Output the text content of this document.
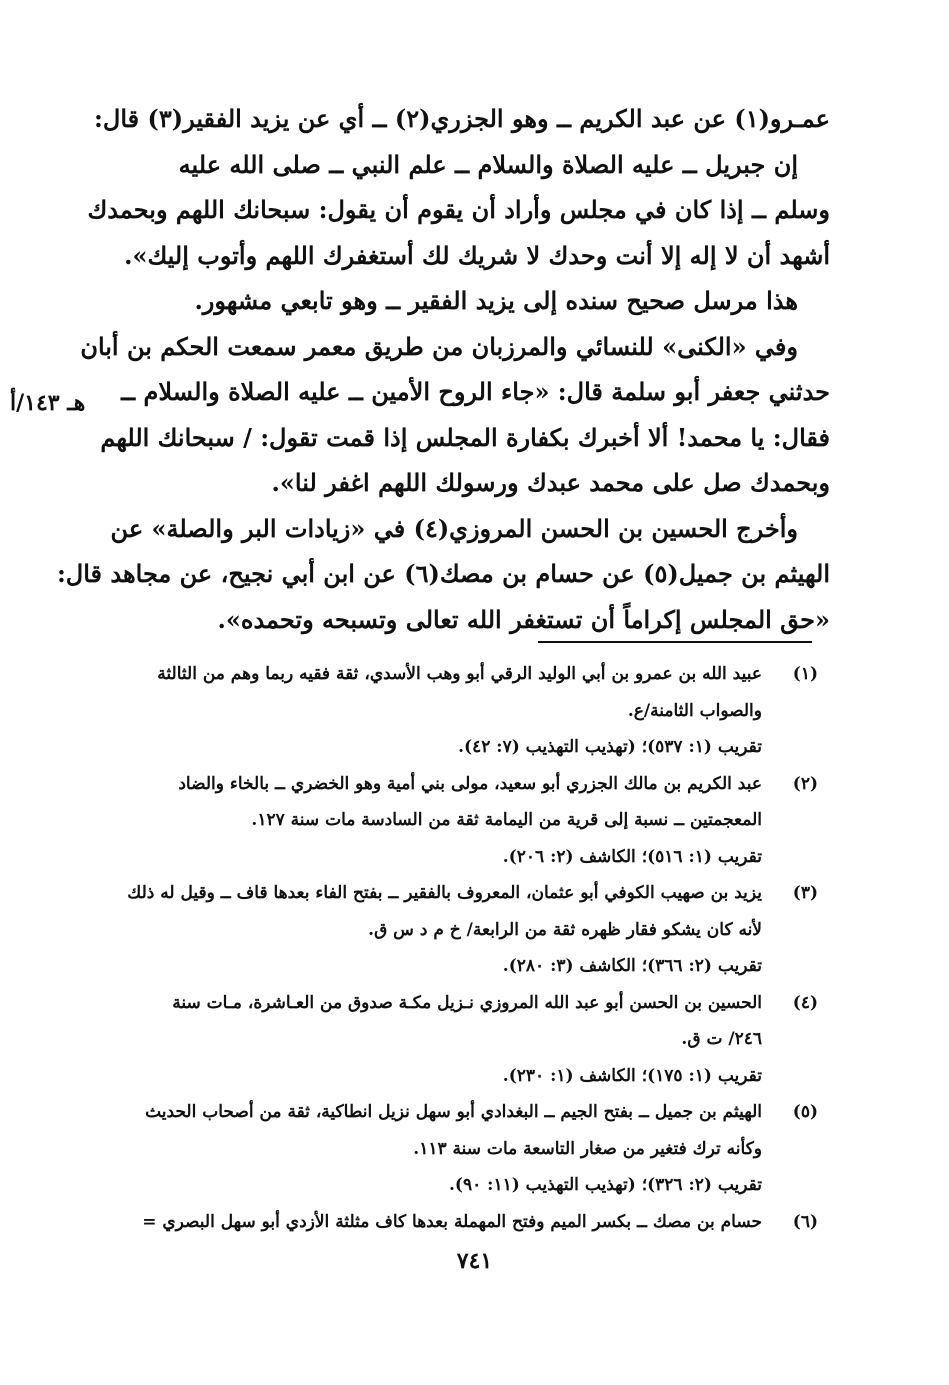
عمـرو(١) عن عبد الكريم ــ وهو الجزري(٢) ــ أي عن يزيد الفقير(٣) قال:
إن جبريل ــ عليه الصلاة والسلام ــ علم النبي ــ صلى الله عليه
وسلم ــ إذا كان في مجلس وأراد أن يقوم أن يقول: سبحانك اللهم وبحمدك
أشهد أن لا إله إلا أنت وحدك لا شريك لك أستغفرك اللهم وأتوب إليك».
هذا مرسل صحيح سنده إلى يزيد الفقير ــ وهو تابعي مشهور.
وفي «الكنى» للنسائي والمرزبان من طريق معمر سمعت الحكم بن أبان
حدثني جعفر أبو سلمة قال: «جاء الروح الأمين ــ عليه الصلاة والسلام ــ
فقال: يا محمد! ألا أخبرك بكفارة المجلس إذا قمت تقول: / سبحانك اللهم
وبحمدك صل على محمد عبدك ورسولك اللهم اغفر لنا».
وأخرج الحسين بن الحسن المروزي(٤) في «زيادات البر والصلة» عن
الهيثم بن جميل(٥) عن حسام بن مصك(٦) عن ابن أبي نجيح، عن مجاهد قال:
«حق المجلس إكراماً أن تستغفر الله تعالى وتسبحه وتحمده».
هـ ١٤٣/أ
(١)
عبيد الله بن عمرو بن أبي الوليد الرقي أبو وهب الأسدي، ثقة فقيه ربما وهم من الثالثة
والصواب الثامنة/ع.
تقريب (١: ٥٣٧)؛ (تهذيب التهذيب (٧: ٤٢).
(٢)
عبد الكريم بن مالك الجزري أبو سعيد، مولى بني أمية وهو الخضري ــ بالخاء والضاد
المعجمتين ــ نسبة إلى قرية من اليمامة ثقة من السادسة مات سنة ١٢٧.
تقريب (١: ٥١٦)؛ الكاشف (٢: ٢٠٦).
(٣)
يزيد بن صهيب الكوفي أبو عثمان، المعروف بالفقير ــ بفتح الفاء بعدها قاف ــ وقيل له ذلك
لأنه كان يشكو فقار ظهره ثقة من الرابعة/ خ م د س ق.
تقريب (٢: ٣٦٦)؛ الكاشف (٣: ٢٨٠).
(٤)
الحسين بن الحسن أبو عبد الله المروزي نـزيل مكـة صدوق من العـاشرة، مـات سنة
٢٤٦/ ت ق.
تقريب (١: ١٧٥)؛ الكاشف (١: ٢٣٠).
(٥)
الهيثم بن جميل ــ بفتح الجيم ــ البغدادي أبو سهل نزيل انطاكية، ثقة من أصحاب الحديث
وكأنه ترك فتغير من صغار التاسعة مات سنة ١١٣.
تقريب (٢: ٣٢٦)؛ (تهذيب التهذيب (١١: ٩٠).
(٦)
حسام بن مصك ــ بكسر الميم وفتح المهملة بعدها كاف مثلثة الأزدي أبو سهل البصري =
٧٤١
